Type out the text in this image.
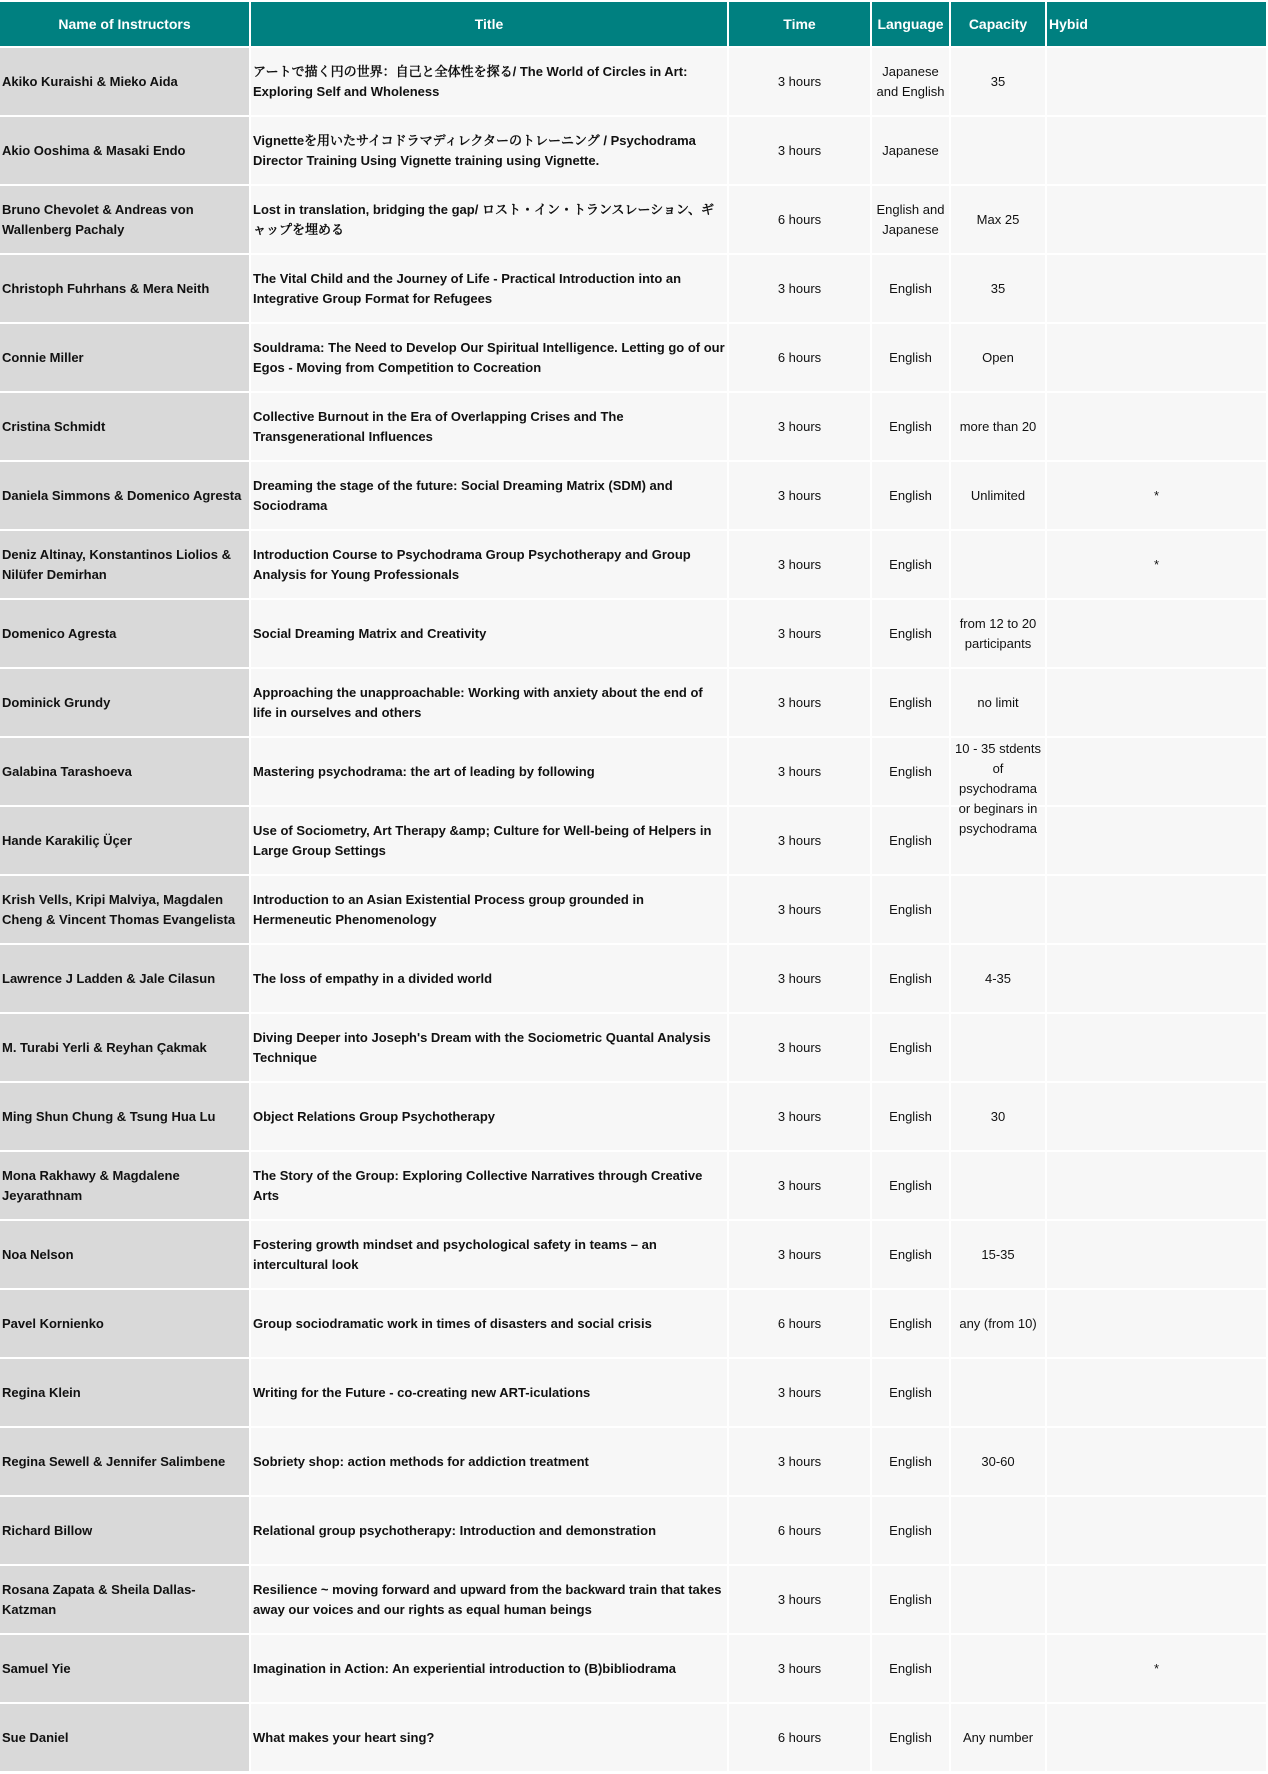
Name of Instructors	Title	Time	Language	Capacity	Hybid
Akiko Kuraishi & Mieko Aida	アートで描く円の世界：自己と全体性を探る/ The World of Circles in Art: Exploring Self and Wholeness	3 hours	Japanese and English	35	

Akio Ooshima & Masaki Endo	Vignetteを用いたサイコドラマディレクターのトレーニング / Psychodrama Director Training Using Vignette training using Vignette.	3 hours	Japanese	

Bruno Chevolet & Andreas von Wallenberg Pachaly	Lost in translation, bridging the gap/ ロスト・イン・トランスレーション、ギャップを埋める	6 hours	English and Japanese	Max 25	

Christoph Fuhrhans & Mera Neith	The Vital Child and the Journey of Life - Practical Introduction into an Integrative Group Format for Refugees	3 hours	English	35	

Connie Miller	Souldrama: The Need to Develop Our Spiritual Intelligence. Letting go of our Egos - Moving from Competition to Cocreation	6 hours	English	Open	

Cristina Schmidt	Collective Burnout in the Era of Overlapping Crises and The Transgenerational Influences	3 hours	English	more than 20	

Daniela Simmons & Domenico Agresta	Dreaming the stage of the future: Social Dreaming Matrix (SDM) and Sociodrama	3 hours	English	Unlimited	*
Deniz Altinay, Konstantinos Liolios & Nilüfer Demirhan	Introduction Course to Psychodrama Group Psychotherapy and Group Analysis for Young Professionals	3 hours	English		*
Domenico Agresta	Social Dreaming Matrix and Creativity	3 hours	English	from 12 to 20 participants	

Dominick Grundy	Approaching the unapproachable: Working with anxiety about the end of life in ourselves and others	3 hours	English	no limit	

Galabina Tarashoeva	Mastering psychodrama: the art of leading by following	3 hours	English	10 - 35 stdents of psychodrama or beginars in psychodrama	

Hande Karakiliç Üçer	Use of Sociometry, Art Therapy &amp; Culture for Well-being of Helpers in Large Group Settings	3 hours	English	

Krish Vells, Kripi Malviya, Magdalen Cheng & Vincent Thomas Evangelista	Introduction to an Asian Existential Process group grounded in Hermeneutic Phenomenology	3 hours	English	

Lawrence J Ladden & Jale Cilasun	The loss of empathy in a divided world	3 hours	English	4-35	

M. Turabi Yerli & Reyhan Çakmak	Diving Deeper into Joseph's Dream with the Sociometric Quantal Analysis Technique	3 hours	English	

Ming Shun Chung & Tsung Hua Lu	Object Relations Group Psychotherapy	3 hours	English	30	

Mona Rakhawy & Magdalene Jeyarathnam	The Story of the Group: Exploring Collective Narratives through Creative Arts	3 hours	English	

Noa Nelson	Fostering growth mindset and psychological safety in teams – an intercultural look	3 hours	English	15-35	

Pavel Kornienko	Group sociodramatic work in times of disasters and social crisis	6 hours	English	any (from 10)	

Regina Klein	Writing for the Future - co-creating new ART-iculations	3 hours	English	

Regina Sewell & Jennifer Salimbene	Sobriety shop: action methods for addiction treatment	3 hours	English	30-60	

Richard Billow	Relational group psychotherapy: Introduction and demonstration	6 hours	English	

Rosana Zapata & Sheila Dallas-Katzman	Resilience ~ moving forward and upward from the backward train that takes away our voices and our rights as equal human beings	3 hours	English	

Samuel Yie	Imagination in Action: An experiential introduction to (B)bibliodrama	3 hours	English		*
Sue Daniel	What makes your heart sing?	6 hours	English	Any number	
